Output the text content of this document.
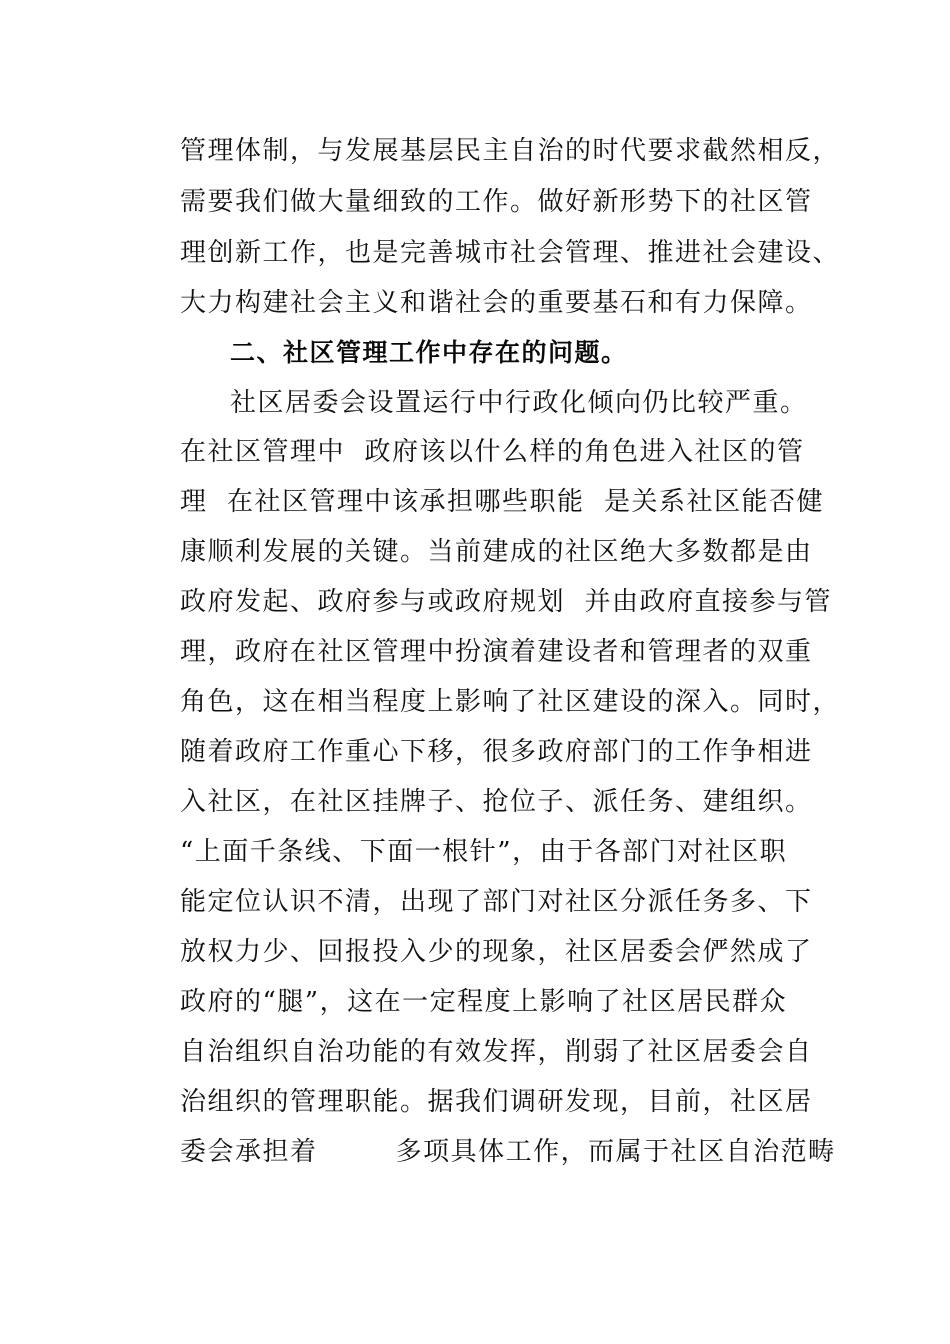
管理体制，与发展基层民主自治的时代要求截然相反，
需要我们做大量细致的工作。做好新形势下的社区管
理创新工作，也是完善城市社会管理、推进社会建设、
大力构建社会主义和谐社会的重要基石和有力保障。
二、社区管理工作中存在的问题。
社区居委会设置运行中行政化倾向仍比较严重。
在社区管理中  政府该以什么样的角色进入社区的管
理  在社区管理中该承担哪些职能  是关系社区能否健
康顺利发展的关键。当前建成的社区绝大多数都是由
政府发起、政府参与或政府规划  并由政府直接参与管
理，政府在社区管理中扮演着建设者和管理者的双重
角色，这在相当程度上影响了社区建设的深入。同时，
随着政府工作重心下移，很多政府部门的工作争相进
入社区，在社区挂牌子、抢位子、派任务、建组织。
“上面千条线、下面一根针”，由于各部门对社区职
能定位认识不清，出现了部门对社区分派任务多、下
放权力少、回报投入少的现象，社区居委会俨然成了
政府的“腿”，这在一定程度上影响了社区居民群众
自治组织自治功能的有效发挥，削弱了社区居委会自
治组织的管理职能。据我们调研发现，目前，社区居
委会承担着        多项具体工作，而属于社区自治范畴
